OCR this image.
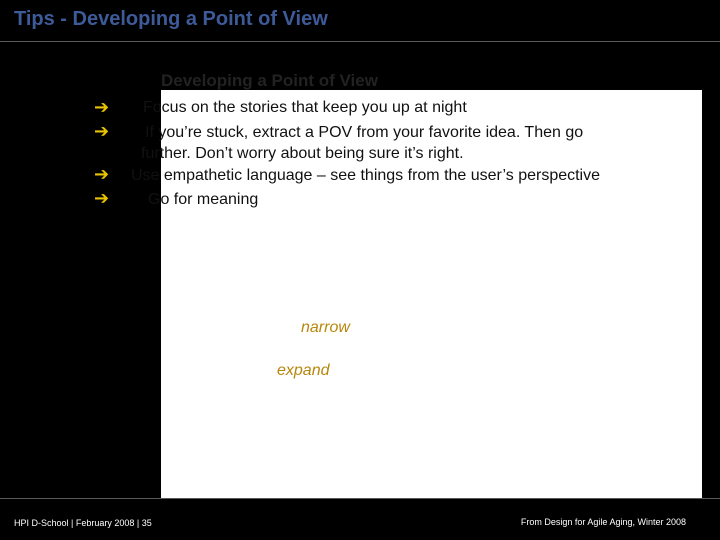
Tips - Developing a Point of View
Developing a Point of View
➔
➔
➔
➔
Focus on the stories that keep you up at night
If you’re stuck, extract a POV from your favorite idea. Then go
further. Don’t worry about being sure it’s right.
Use empathetic language – see things from the user’s perspective
Go for meaning
narrow
expand
HPI D-School | February 2008 | 35	From Design for Agile Aging, Winter 2008
